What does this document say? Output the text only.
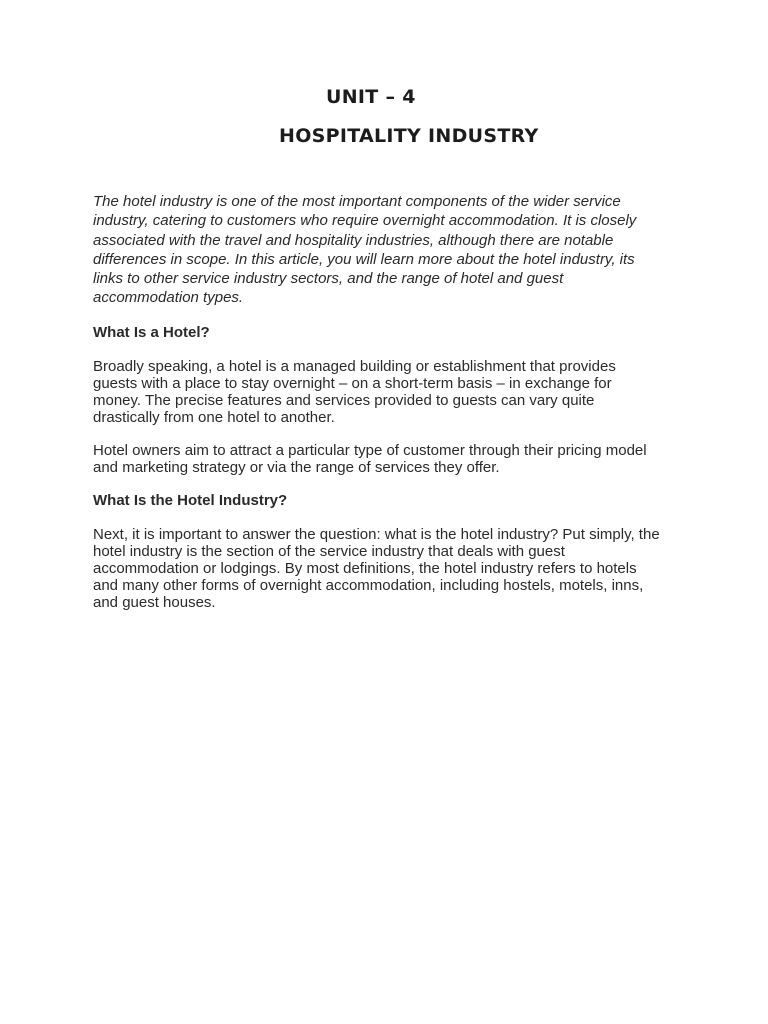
UNIT – 4
HOSPITALITY INDUSTRY

The hotel industry is one of the most important components of the wider service industry, catering to customers who require overnight accommodation. It is closely associated with the travel and hospitality industries, although there are notable differences in scope. In this article, you will learn more about the hotel industry, its links to other service industry sectors, and the range of hotel and guest accommodation types.

What Is a Hotel?

Broadly speaking, a hotel is a managed building or establishment that provides guests with a place to stay overnight – on a short-term basis – in exchange for money. The precise features and services provided to guests can vary quite drastically from one hotel to another.

Hotel owners aim to attract a particular type of customer through their pricing model and marketing strategy or via the range of services they offer.

What Is the Hotel Industry?

Next, it is important to answer the question: what is the hotel industry? Put simply, the hotel industry is the section of the service industry that deals with guest accommodation or lodgings. By most definitions, the hotel industry refers to hotels and many other forms of overnight accommodation, including hostels, motels, inns, and guest houses.
